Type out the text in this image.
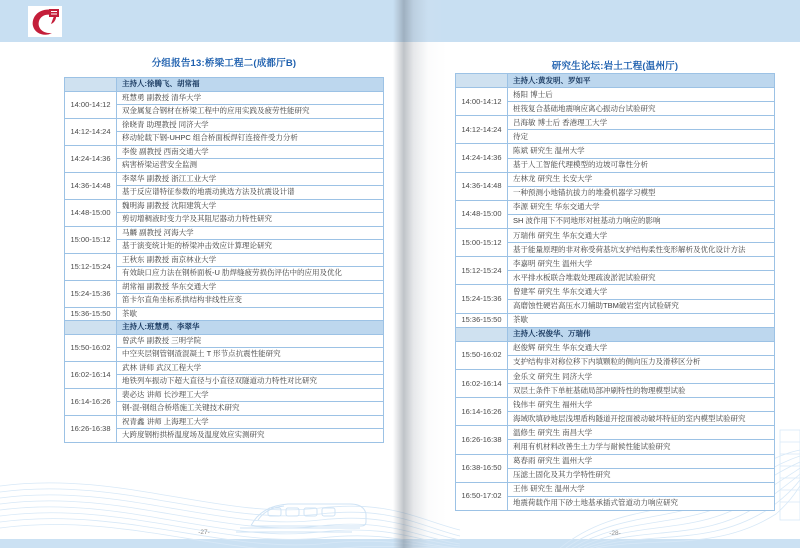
分组报告13:桥梁工程二(成都厅B)
	主持人:徐腾飞、胡常福
14:00-14:12	班慧勇 副教授 清华大学
	双金属复合钢材在桥梁工程中的应用实践及疲劳性能研究
14:12-14:24	徐晓青 助理教授 同济大学
	移动轮载下钢-UHPC 组合桥面板焊钉连接件受力分析
14:24-14:36	李俊 副教授 西南交通大学
	病害桥梁运营安全监测
14:36-14:48	李翠华 副教授 浙江工业大学
	基于反应谱特征参数的地震动挑选方法及抗震设计谱
14:48-15:00	魏明海 副教授 沈阳建筑大学
	剪切增稠液时变力学及其阻尼器动力特性研究
15:00-15:12	马麟 副教授 河海大学
	基于演变统计矩的桥梁冲击效应计算理论研究
15:12-15:24	王秋东 副教授 南京林业大学
	有效缺口应力法在钢桥面板-U 肋焊缝疲劳损伤评估中的应用及优化
15:24-15:36	胡常福 副教授 华东交通大学
	笛卡尔直角坐标系拱结构非线性应变
15:36-15:50	茶歇
	主持人:班慧勇、李翠华
15:50-16:02	曾武华 副教授 三明学院
	中空夹层钢管钢渣混凝土 T 形节点抗震性能研究
16:02-16:14	武林 讲师 武汉工程大学
	地铁列车振动下超大直径与小直径双隧道动力特性对比研究
16:14-16:26	裴必达 讲师 长沙理工大学
	钢-混-钢组合桥塔施工关键技术研究
16:26-16:38	祝青鑫 讲师 上海理工大学
	大跨度钢桁拱桥温度场及温度效应实测研究
-27-
研究生论坛:岩土工程(温州厅)
	主持人:黄发明、罗如平
14:00-14:12	杨阳 博士后
	桩筏复合基础地震响应离心振动台试验研究
14:12-14:24	吕海敏 博士后 香港理工大学
	待定
14:24-14:36	陈斌 研究生 温州大学
	基于人工智能代理模型的边坡可靠性分析
14:36-14:48	左林龙 研究生 长安大学
	一种预测小地锚抗拔力的堆叠机器学习模型
14:48-15:00	李源 研究生 华东交通大学
	SH 波作用下不同地形对桩基动力响应的影响
15:00-15:12	万瑞伟 研究生 华东交通大学
	基于能量原理的非对称受荷基坑支护结构柔性变形解析及优化设计方法
15:12-15:24	李嘉明 研究生 温州大学
	水平排水板联合堆载处理疏浚淤泥试验研究
15:24-15:36	曾建军 研究生 华东交通大学
	高磨蚀性硬岩高压水刀辅助TBM破岩室内试验研究
15:36-15:50	茶歇
	主持人:祝俊华、万瑞伟
15:50-16:02	赵俊辉 研究生 华东交通大学
	支护结构非对称位移下内填颗粒的侧向压力及滑移区分析
16:02-16:14	金乐文 研究生 同济大学
	双层土条件下单桩基础局部冲刷特性的物理模型试验
16:14-16:26	钱伟丰 研究生 福州大学
	海域吹填砂地层浅埋盾构隧道开挖面被动破坏特征的室内模型试验研究
16:26-16:38	温修生 研究生 南昌大学
	利用有机材料改善生土力学与耐候性能试验研究
16:38-16:50	葛春雨 研究生 温州大学
	压滤土固化及其力学特性研究
16:50-17:02	王伟 研究生 温州大学
	地震荷载作用下砂土地基承插式管道动力响应研究
-28-
